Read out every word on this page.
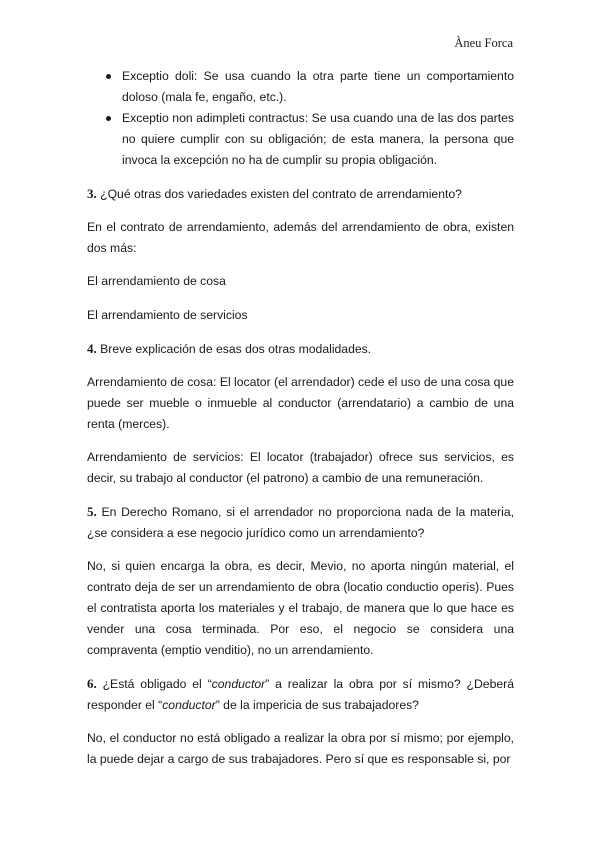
Àneu Forca
Exceptio doli: Se usa cuando la otra parte tiene un comportamiento doloso (mala fe, engaño, etc.).
Exceptio non adimpleti contractus: Se usa cuando una de las dos partes no quiere cumplir con su obligación; de esta manera, la persona que invoca la excepción no ha de cumplir su propia obligación.

3. ¿Qué otras dos variedades existen del contrato de arrendamiento?

En el contrato de arrendamiento, además del arrendamiento de obra, existen dos más:

El arrendamiento de cosa

El arrendamiento de servicios

4. Breve explicación de esas dos otras modalidades.

Arrendamiento de cosa: El locator (el arrendador) cede el uso de una cosa que puede ser mueble o inmueble al conductor (arrendatario) a cambio de una renta (merces).

Arrendamiento de servicios: El locator (trabajador) ofrece sus servicios, es decir, su trabajo al conductor (el patrono) a cambio de una remuneración.

5. En Derecho Romano, si el arrendador no proporciona nada de la materia, ¿se considera a ese negocio jurídico como un arrendamiento?

No, si quien encarga la obra, es decir, Mevio, no aporta ningún material, el contrato deja de ser un arrendamiento de obra (locatio conductio operis). Pues el contratista aporta los materiales y el trabajo, de manera que lo que hace es vender una cosa terminada. Por eso, el negocio se considera una compraventa (emptio venditio), no un arrendamiento.

6. ¿Está obligado el “conductor” a realizar la obra por sí mismo? ¿Deberá responder el “conductor” de la impericia de sus trabajadores?

No, el conductor no está obligado a realizar la obra por sí mismo; por ejemplo, la puede dejar a cargo de sus trabajadores. Pero sí que es responsable si, por
